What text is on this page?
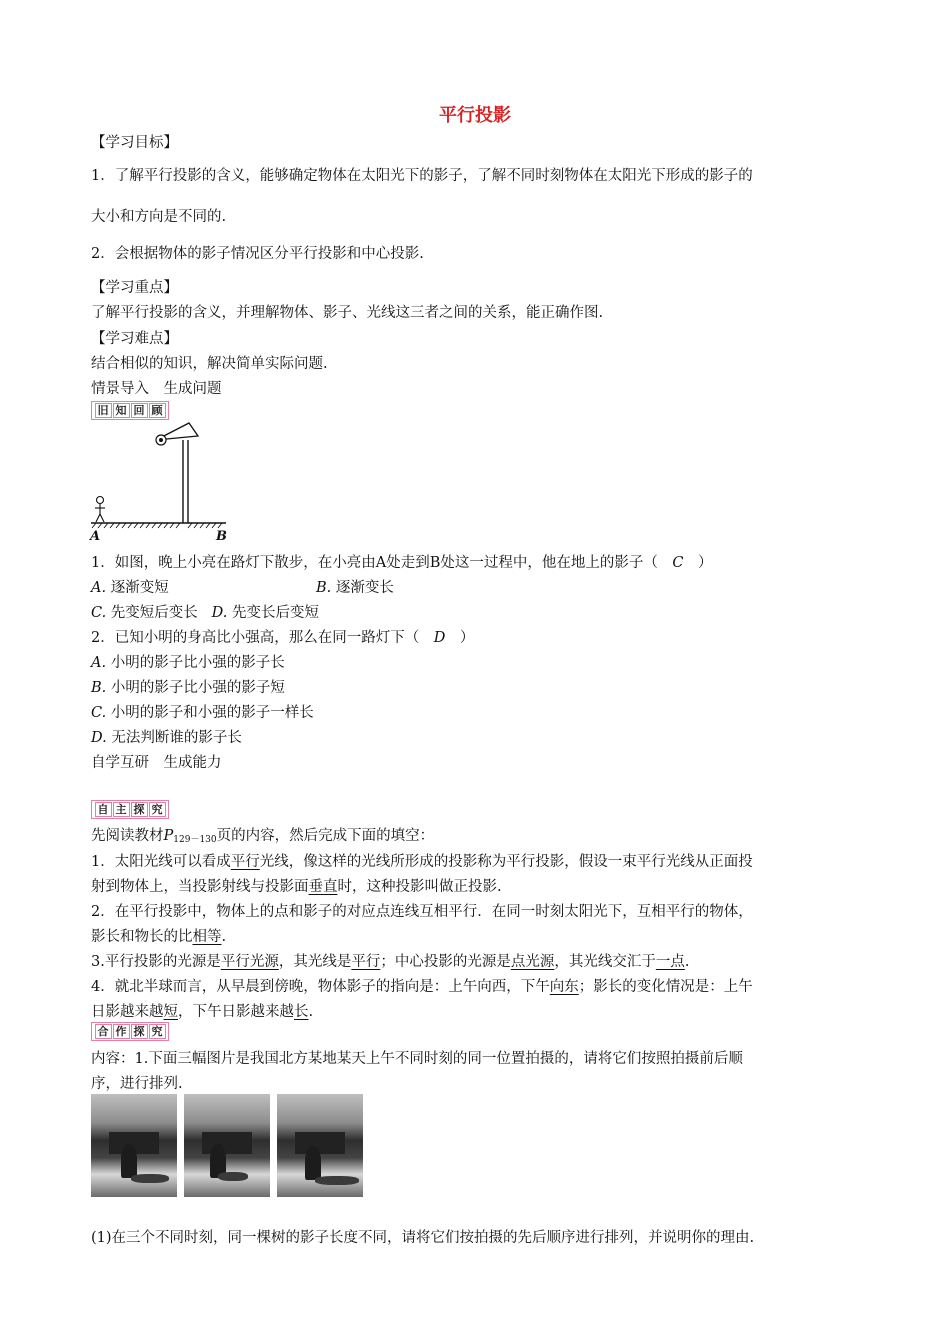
平行投影
【学习目标】
1．了解平行投影的含义，能够确定物体在太阳光下的影子，了解不同时刻物体在太阳光下形成的影子的
大小和方向是不同的.
2．会根据物体的影子情况区分平行投影和中心投影.
【学习重点】
了解平行投影的含义，并理解物体、影子、光线这三者之间的关系，能正确作图.
【学习难点】
结合相似的知识，解决简单实际问题.
情景导入　生成问题
旧 知 回 顾
A	B
1．如图，晚上小亮在路灯下散步，在小亮由A处走到B处这一过程中，他在地上的影子（　C　）
A. 逐渐变短	B. 逐渐变长
C. 先变短后变长 D. 先变长后变短
2．已知小明的身高比小强高，那么在同一路灯下（　D　）
A. 小明的影子比小强的影子长
B. 小明的影子比小强的影子短
C. 小明的影子和小强的影子一样长
D. 无法判断谁的影子长
自学互研　生成能力
自 主 探 究
先阅读教材$P_{129-130}$页的内容，然后完成下面的填空：
1．太阳光线可以看成平行光线，像这样的光线所形成的投影称为平行投影，假设一束平行光线从正面投
射到物体上，当投影射线与投影面垂直时，这种投影叫做正投影.
2．在平行投影中，物体上的点和影子的对应点连线互相平行．在同一时刻太阳光下，互相平行的物体，
影长和物长的比相等.
3.平行投影的光源是平行光源，其光线是平行；中心投影的光源是点光源，其光线交汇于一点.
4．就北半球而言，从早晨到傍晚，物体影子的指向是：上午向西，下午向东；影长的变化情况是：上午
日影越来越短，下午日影越来越长.
合 作 探 究
内容：1.下面三幅图片是我国北方某地某天上午不同时刻的同一位置拍摄的，请将它们按照拍摄前后顺
序，进行排列.
(1)在三个不同时刻，同一棵树的影子长度不同，请将它们按拍摄的先后顺序进行排列，并说明你的理由.
